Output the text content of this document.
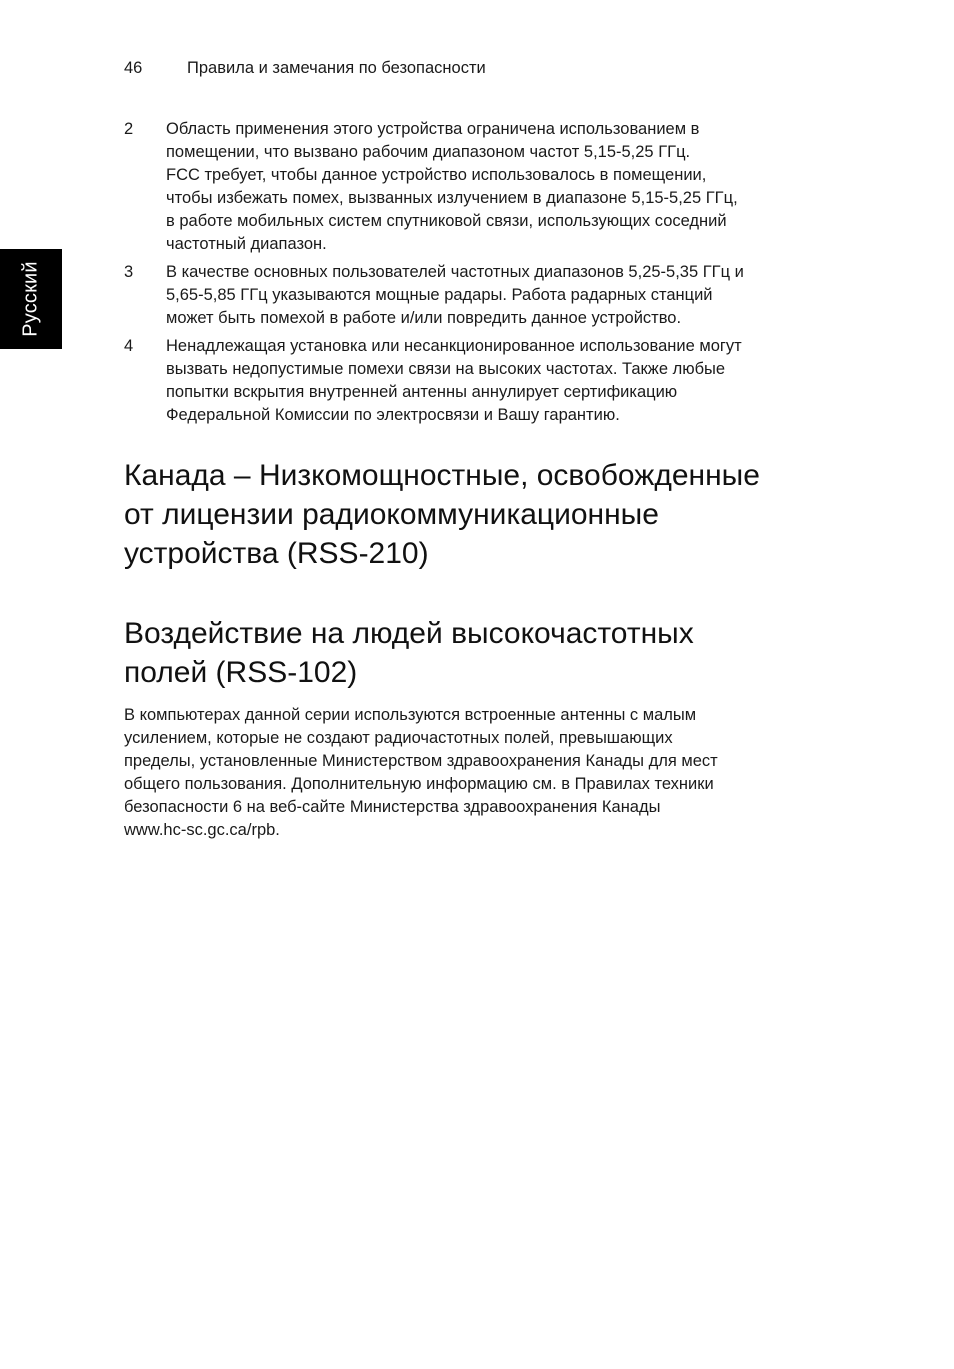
46	Правила и замечания по безопасности
Русский
2 Область применения этого устройства ограничена использованием в
помещении, что вызвано рабочим диапазоном частот 5,15-5,25 ГГц.
FCC требует, чтобы данное устройство использовалось в помещении,
чтобы избежать помех, вызванных излучением в диапазоне 5,15-5,25 ГГц,
в работе мобильных систем спутниковой связи, использующих соседний
частотный диапазон.
3 В качестве основных пользователей частотных диапазонов 5,25-5,35 ГГц и
5,65-5,85 ГГц указываются мощные радары. Работа радарных станций
может быть помехой в работе и/или повредить данное устройство.
4 Ненадлежащая установка или несанкционированное использование могут
вызвать недопустимые помехи связи на высоких частотах. Также любые
попытки вскрытия внутренней антенны аннулирует сертификацию
Федеральной Комиссии по электросвязи и Вашу гарантию.
Канада – Низкомощностные, освобожденные
от лицензии радиокоммуникационные
устройства (RSS-210)
Воздействие на людей высокочастотных
полей (RSS-102)

В компьютерах данной серии используются встроенные антенны с малым
усилением, которые не создают радиочастотных полей, превышающих
пределы, установленные Министерством здравоохранения Канады для мест
общего пользования. Дополнительную информацию см. в Правилах техники
безопасности 6 на веб-сайте Министерства здравоохранения Канады
www.hc-sc.gc.ca/rpb.
